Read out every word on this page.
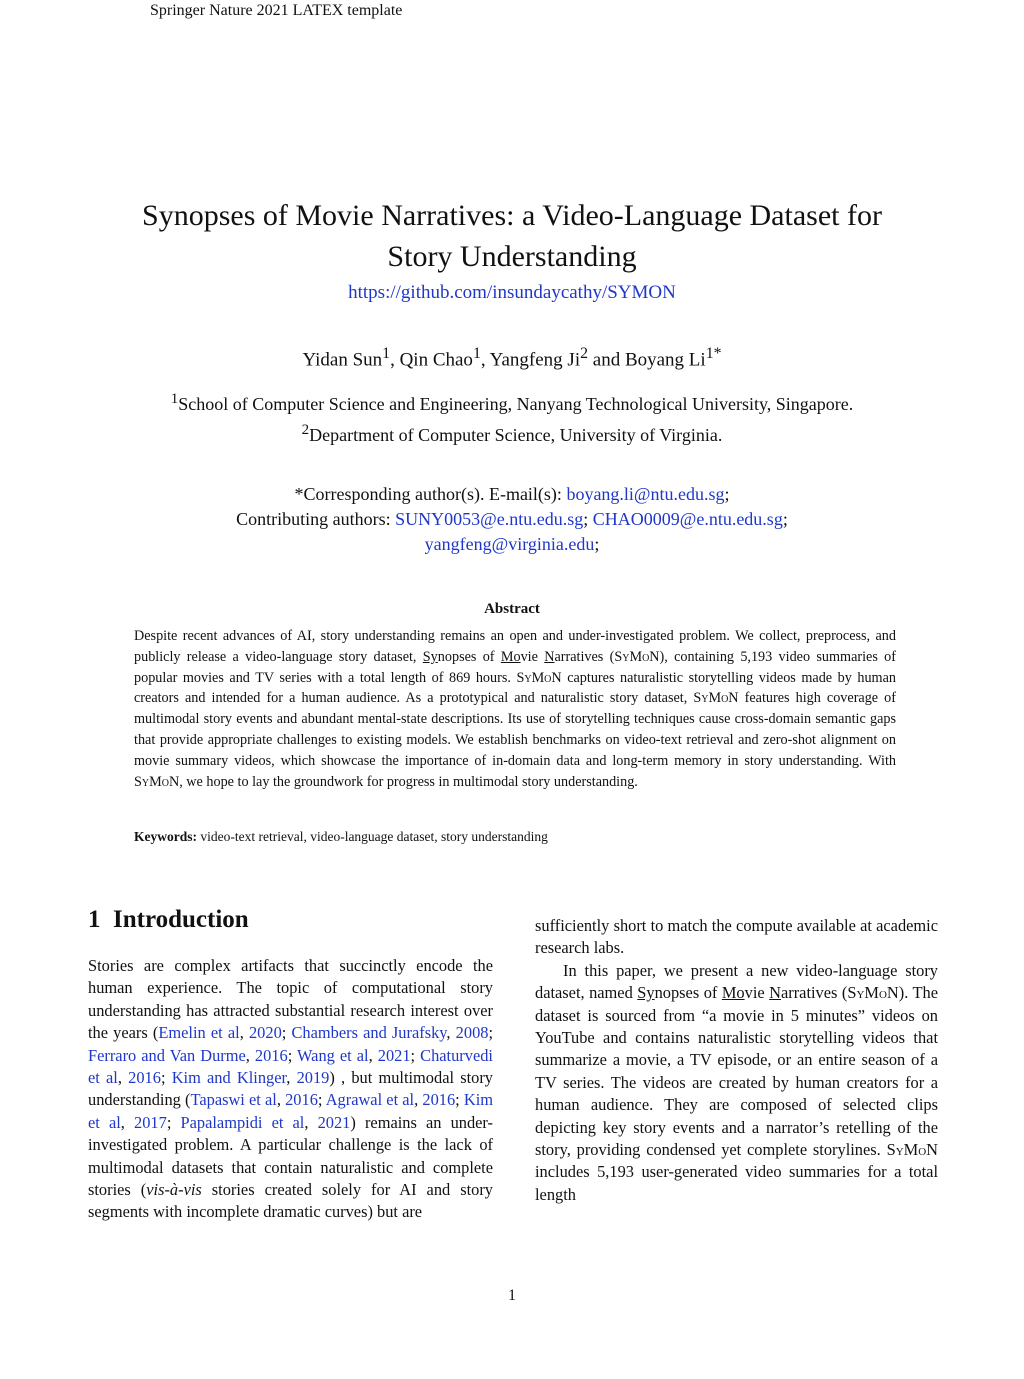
Springer Nature 2021 LATEX template
Synopses of Movie Narratives: a Video-Language Dataset for
Story Understanding
https://github.com/insundaycathy/SYMON
Yidan Sun$^1$, Qin Chao$^1$, Yangfeng Ji$^2$ and Boyang $Li^{1*}$
$^1$School of Computer Science and Engineering, Nanyang Technological University, Singapore.
$^2$Department of Computer Science, University of Virginia.
*Corresponding author(s). E-mail(s): boyang.li@ntu.edu.sg;
Contributing authors: SUNY0053@e.ntu.edu.sg; CHAO0009@e.ntu.edu.sg;
yangfeng@virginia.edu;
Abstract
Despite recent advances of AI, story understanding remains an open and under-investigated problem. We collect, preprocess, and publicly release a video-language story dataset, Synopses of Movie Narratives (SyMoN), containing 5,193 video summaries of popular movies and TV series with a total length of 869 hours. SyMoN captures naturalistic storytelling videos made by human creators and intended for a human audience. As a prototypical and naturalistic story dataset, SyMoN features high coverage of multimodal story events and abundant mental-state descriptions. Its use of storytelling techniques cause cross-domain semantic gaps that provide appropriate challenges to existing models. We establish benchmarks on video-text retrieval and zero-shot alignment on movie summary videos, which showcase the importance of in-domain data and long-term memory in story understanding. With SyMoN, we hope to lay the groundwork for progress in multimodal story understanding.
Keywords: video-text retrieval, video-language dataset, story understanding
1 Introduction
Stories are complex artifacts that succinctly encode the human experience. The topic of computational story understanding has attracted substantial research interest over the years (Emelin et al, 2020; Chambers and Jurafsky, 2008; Ferraro and Van Durme, 2016; Wang et al, 2021; Chaturvedi et al, 2016; Kim and Klinger, 2019) , but multimodal story understanding (Tapaswi et al, 2016; Agrawal et al, 2016; Kim et al, 2017; Papalampidi et al, 2021) remains an under-investigated problem. A particular challenge is the lack of multimodal datasets that contain naturalistic and complete stories (vis-à-vis stories created solely for AI and story segments with incomplete dramatic curves) but are
sufficiently short to match the compute available at academic research labs.
In this paper, we present a new video-language story dataset, named Synopses of Movie Narratives (SyMoN). The dataset is sourced from “a movie in 5 minutes” videos on YouTube and contains naturalistic storytelling videos that summarize a movie, a TV episode, or an entire season of a TV series. The videos are created by human creators for a human audience. They are composed of selected clips depicting key story events and a narrator’s retelling of the story, providing condensed yet complete storylines. SyMoN includes 5,193 user-generated video summaries for a total length
1
